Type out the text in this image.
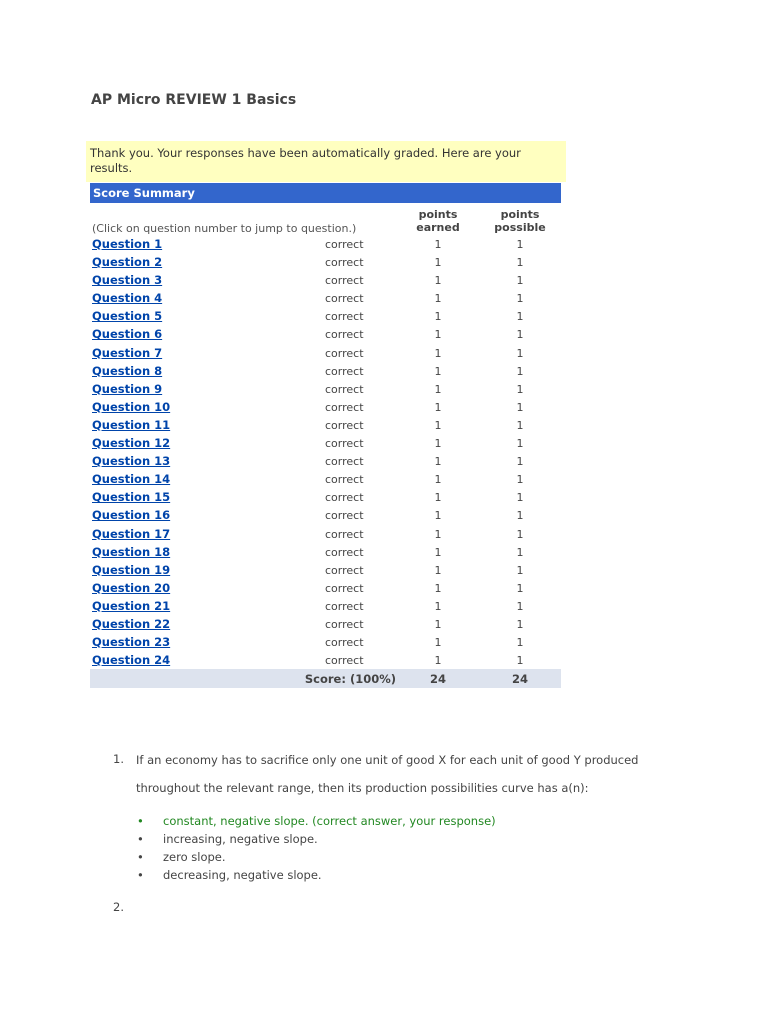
AP Micro REVIEW 1 Basics
Thank you. Your responses have been automatically graded. Here are your results.
Score Summary
(Click on question number to jump to question.)
points
earned
points
possible
Question 1	correct	1	1
Question 2	correct	1	1
Question 3	correct	1	1
Question 4	correct	1	1
Question 5	correct	1	1
Question 6	correct	1	1
Question 7	correct	1	1
Question 8	correct	1	1
Question 9	correct	1	1
Question 10	correct	1	1
Question 11	correct	1	1
Question 12	correct	1	1
Question 13	correct	1	1
Question 14	correct	1	1
Question 15	correct	1	1
Question 16	correct	1	1
Question 17	correct	1	1
Question 18	correct	1	1
Question 19	correct	1	1
Question 20	correct	1	1
Question 21	correct	1	1
Question 22	correct	1	1
Question 23	correct	1	1
Question 24	correct	1	1
Score: (100%)	24	24
1. If an economy has to sacrifice only one unit of good X for each unit of good Y produced throughout the relevant range, then its production possibilities curve has a(n):
• constant, negative slope. (correct answer, your response)
• increasing, negative slope.
• zero slope.
• decreasing, negative slope.
2.
